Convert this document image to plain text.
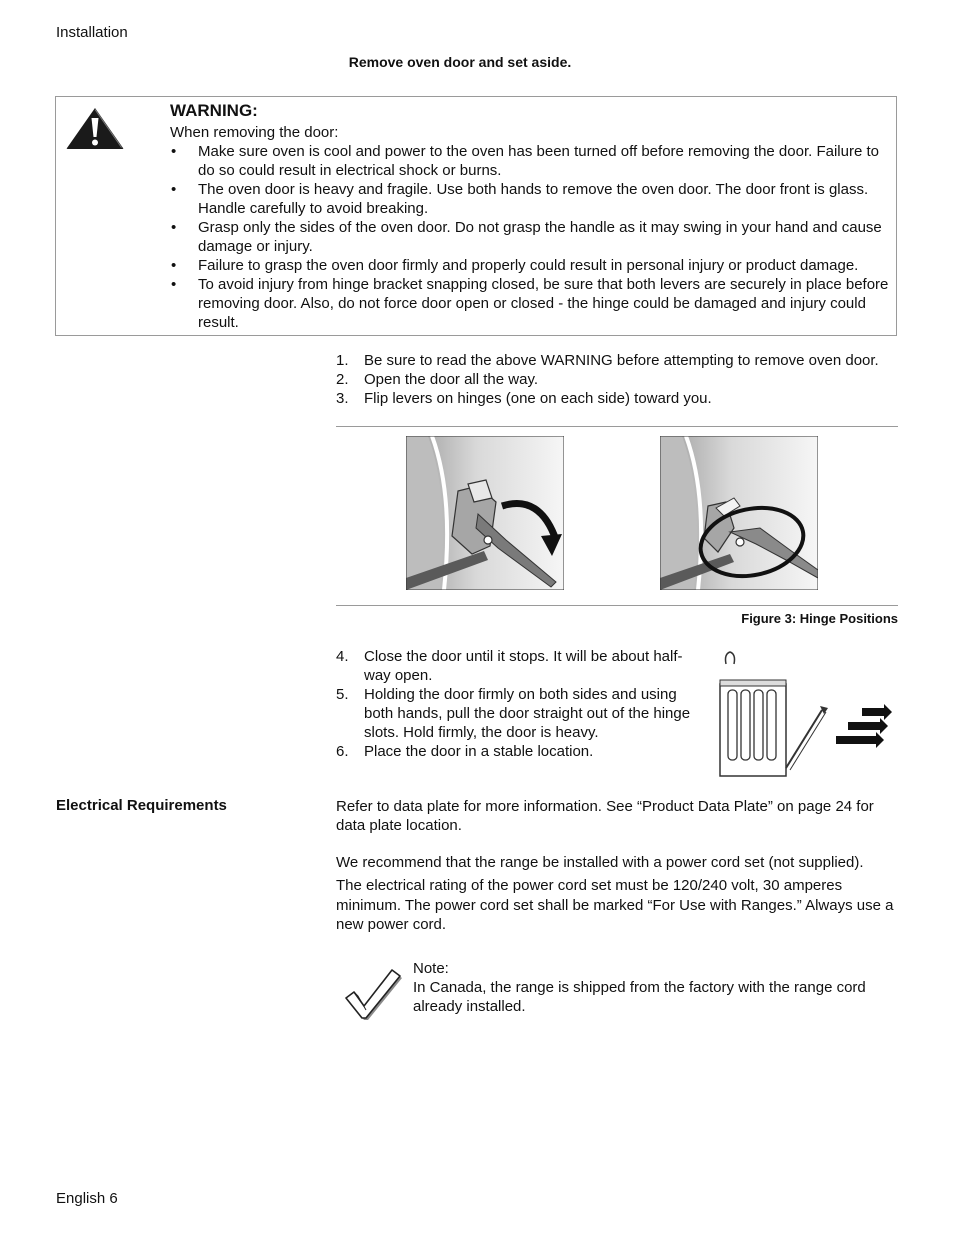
Installation
Remove oven door and set aside.
WARNING:
When removing the door:
• Make sure oven is cool and power to the oven has been turned off before removing the door. Failure to do so could result in electrical shock or burns.
• The oven door is heavy and fragile. Use both hands to remove the oven door. The door front is glass. Handle carefully to avoid breaking.
• Grasp only the sides of the oven door. Do not grasp the handle as it may swing in your hand and cause damage or injury.
• Failure to grasp the oven door firmly and properly could result in personal injury or product damage.
• To avoid injury from hinge bracket snapping closed, be sure that both levers are securely in place before removing door. Also, do not force door open or closed - the hinge could be damaged and injury could result.
1. Be sure to read the above WARNING before attempting to remove oven door.
2. Open the door all the way.
3. Flip levers on hinges (one on each side) toward you.
Figure 3: Hinge Positions
4. Close the door until it stops. It will be about half-way open.
5. Holding the door firmly on both sides and using both hands, pull the door straight out of the hinge slots. Hold firmly, the door is heavy.
6. Place the door in a stable location.
Electrical Requirements	Refer to data plate for more information. See “Product Data Plate” on page 24 for data plate location.
We recommend that the range be installed with a power cord set (not supplied).
The electrical rating of the power cord set must be 120/240 volt, 30 amperes minimum. The power cord set shall be marked “For Use with Ranges.” Always use a new power cord.
Note:
In Canada, the range is shipped from the factory with the range cord already installed.
English 6
